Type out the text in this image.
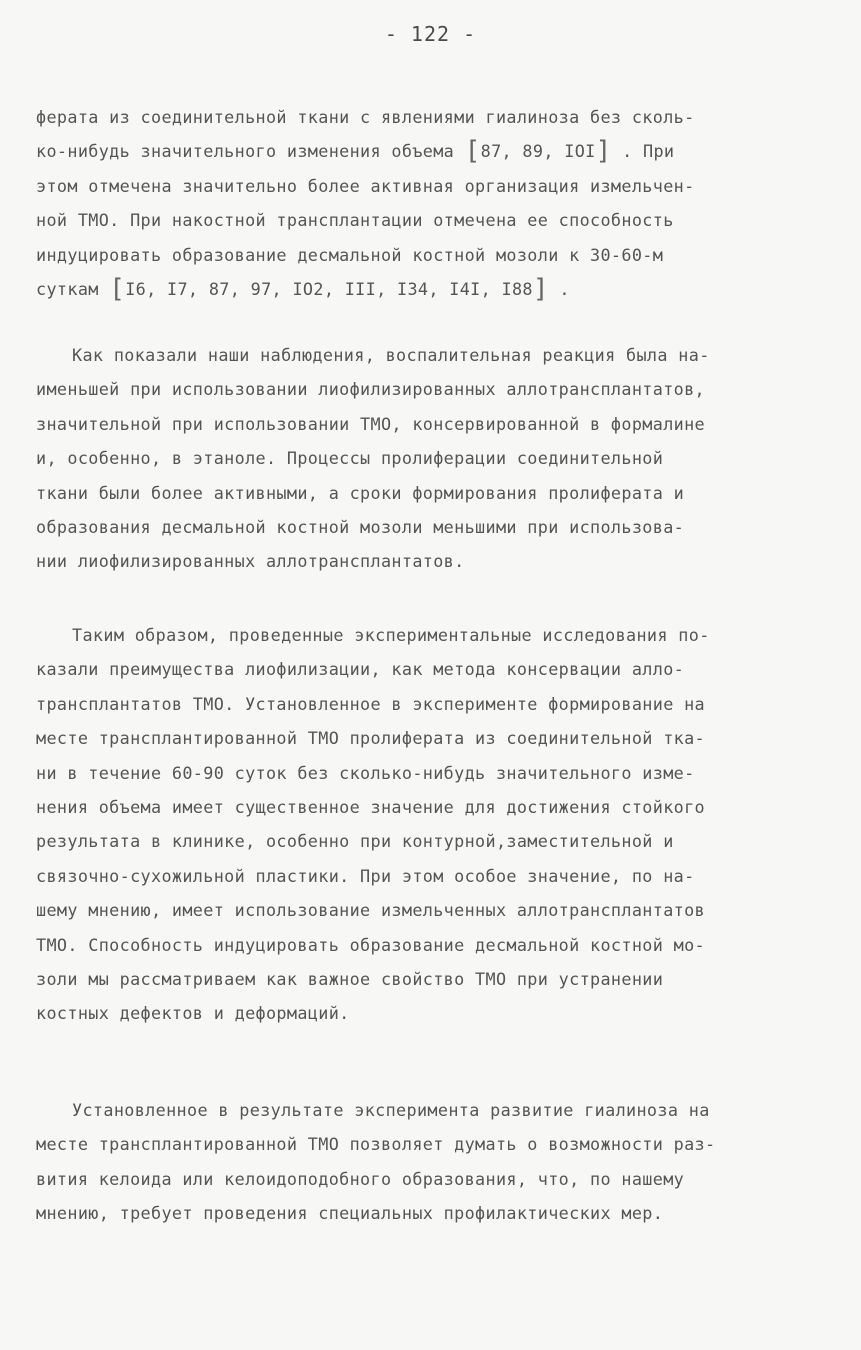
- 122 -
ферата из соединительной ткани с явлениями гиалиноза без сколь-
ко-нибудь значительного изменения объема [87, 89, IOI] . При
этом отмечена значительно более активная организация измельчен-
ной ТМО. При накостной трансплантации отмечена ее способность
индуцировать образование десмальной костной мозоли к 30-60-м
суткам [I6, I7, 87, 97, IO2, III, I34, I4I, I88] .
Как показали наши наблюдения, воспалительная реакция была на-
именьшей при использовании лиофилизированных аллотрансплантатов,
значительной при использовании ТМО, консервированной в формалине
и, особенно, в этаноле. Процессы пролиферации соединительной
ткани были более активными, а сроки формирования пролиферата и
образования десмальной костной мозоли меньшими при использова-
нии лиофилизированных аллотрансплантатов.
Таким образом, проведенные экспериментальные исследования по-
казали преимущества лиофилизации, как метода консервации алло-
трансплантатов ТМО. Установленное в эксперименте формирование на
месте трансплантированной ТМО пролиферата из соединительной тка-
ни в течение 60-90 суток без сколько-нибудь значительного изме-
нения объема имеет существенное значение для достижения стойкого
результата в клинике, особенно при контурной,заместительной и
связочно-сухожильной пластики. При этом особое значение, по на-
шему мнению, имеет использование измельченных аллотрансплантатов
ТМО. Способность индуцировать образование десмальной костной мо-
золи мы рассматриваем как важное свойство ТМО при устранении
костных дефектов и деформаций.
Установленное в результате эксперимента развитие гиалиноза на
месте трансплантированной ТМО позволяет думать о возможности раз-
вития келоида или келоидоподобного образования, что, по нашему
мнению, требует проведения специальных профилактических мер.
